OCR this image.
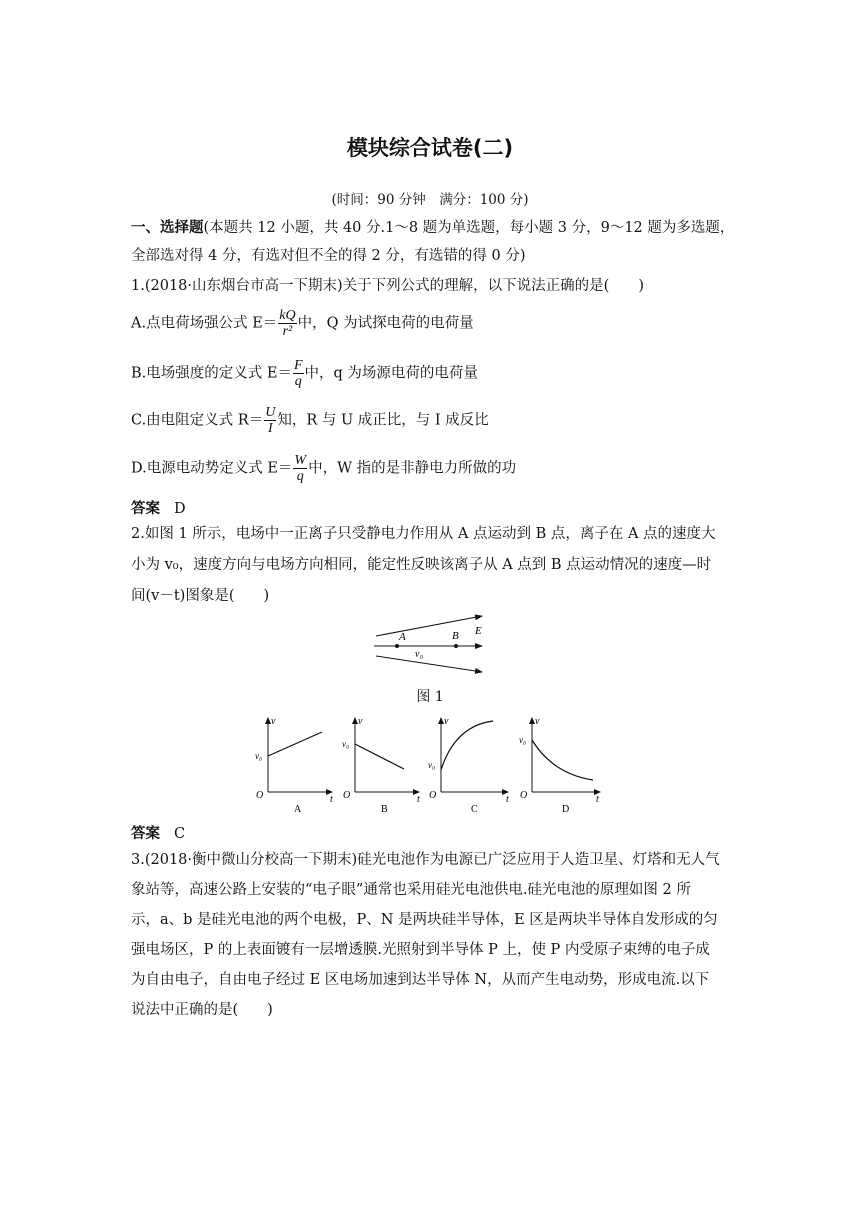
模块综合试卷(二)
(时间：90 分钟　满分：100 分)
一、选择题(本题共 12 小题，共 40 分.1～8 题为单选题，每小题 3 分，9～12 题为多选题，
全部选对得 4 分，有选对但不全的得 2 分，有选错的得 0 分)
1.(2018·山东烟台市高一下期末)关于下列公式的理解，以下说法正确的是(　　)
A.点电荷场强公式 $E= \frac{kQ}{\text{r²}}$ 中，Q 为试探电荷的电荷量
B.电场强度的定义式 $E= \frac{F}{q}$ 中，q 为场源电荷的电荷量
C.由电阻定义式 $R= \frac{U}{I}$ 知，R 与 U 成正比，与 I 成反比
D.电源电动势定义式 $E= \frac{W}{q}$ 中，W 指的是非静电力所做的功
答案 D
2.如图 1 所示，电场中一正离子只受静电力作用从 A 点运动到 B 点，离子在 A 点的速度大
小为 v₀，速度方向与电场方向相同，能定性反映该离子从 A 点到 B 点运动情况的速度—时
间(v－t)图象是(　　)
A	B E
v₀
图 1
v
t
O
v₀
A
v
t
O
v₀
B
v
t
O
v₀
C
v
t
O
v₀
D
答案 C
3.(2018·衡中微山分校高一下期末)硅光电池作为电源已广泛应用于人造卫星、灯塔和无人气
象站等，高速公路上安装的“电子眼”通常也采用硅光电池供电.硅光电池的原理如图 2 所
示，a、b 是硅光电池的两个电极，P、N 是两块硅半导体，E 区是两块半导体自发形成的匀
强电场区，P 的上表面镀有一层增透膜.光照射到半导体 P 上，使 P 内受原子束缚的电子成
为自由电子，自由电子经过 E 区电场加速到达半导体 N，从而产生电动势，形成电流.以下
说法中正确的是(　　)
